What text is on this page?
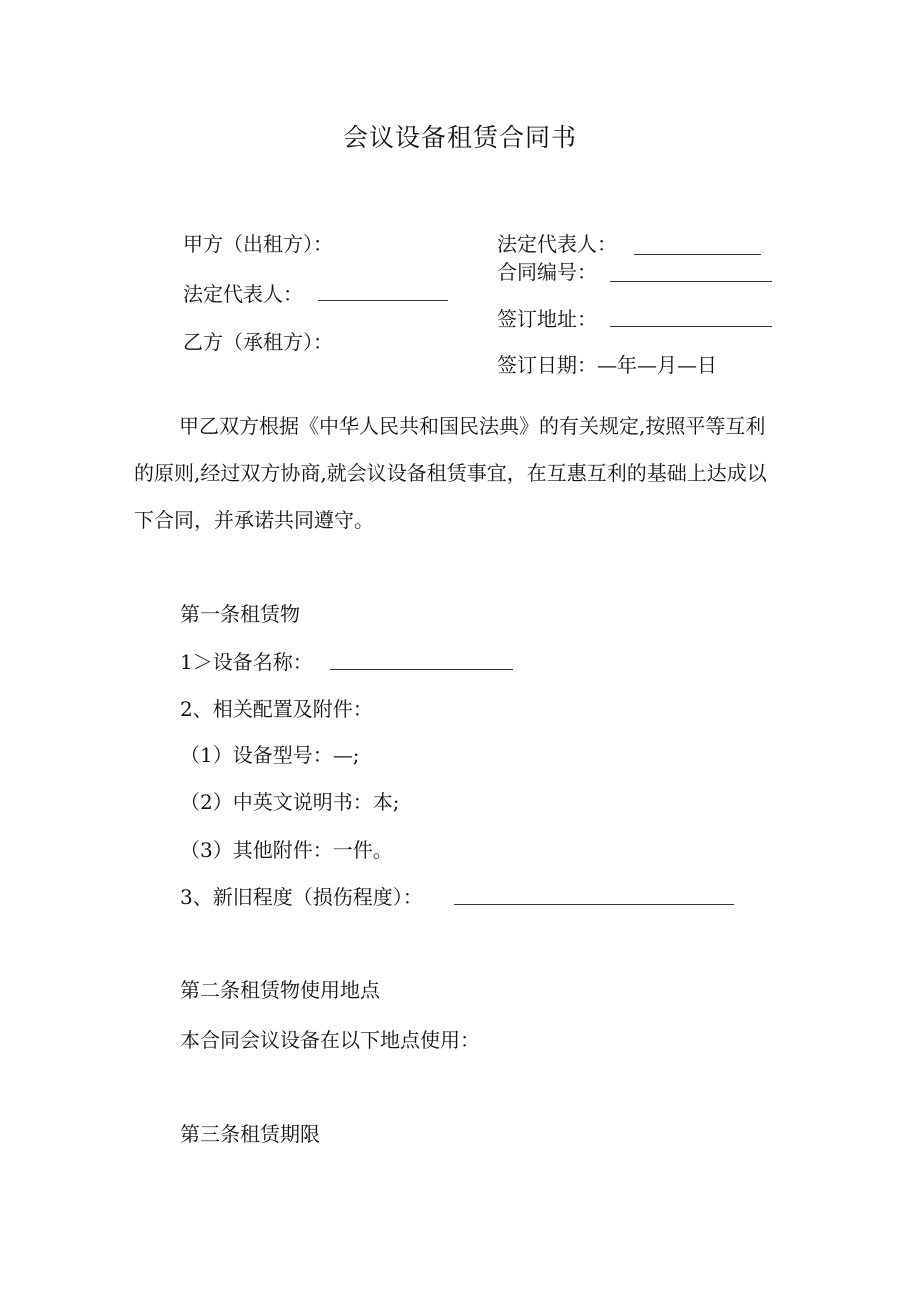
会议设备租赁合同书
甲方（出租方）：
法定代表人：
乙方（承租方）：
法定代表人：
合同编号：
签订地址：
签订日期：—年—月—日
甲乙双方根据《中华人民共和国民法典》的有关规定,按照平等互利的原则,经过双方协商,就会议设备租赁事宜，在互惠互利的基础上达成以下合同，并承诺共同遵守。
第一条租赁物
1＞设备名称：
2、相关配置及附件：
（1）设备型号：—;
（2）中英文说明书：本;
（3）其他附件：一件。
3、新旧程度（损伤程度）：
第二条租赁物使用地点
本合同会议设备在以下地点使用：
第三条租赁期限
